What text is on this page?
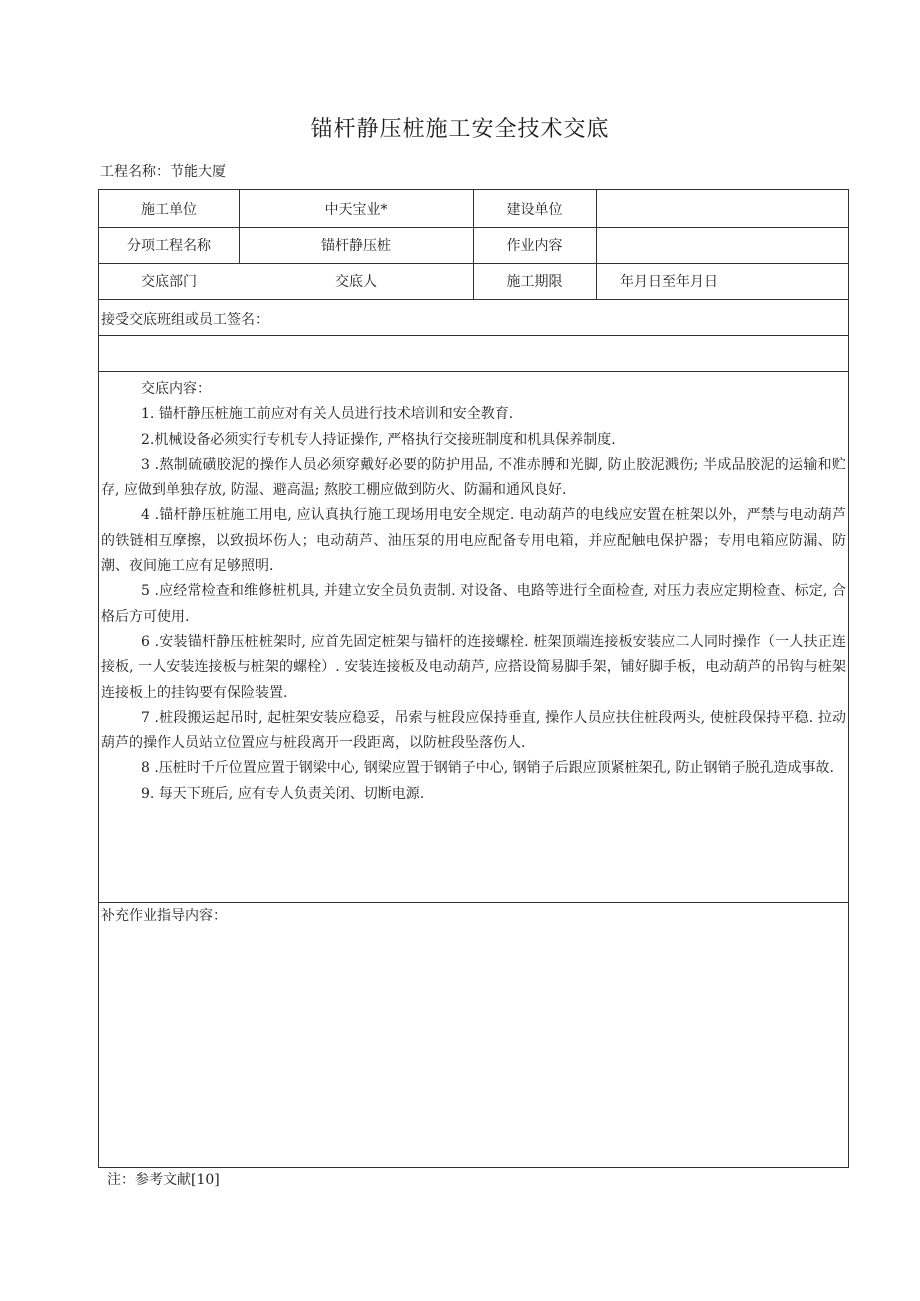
锚杆静压桩施工安全技术交底
工程名称：节能大厦
施工单位	中天宝业*	建设单位
分项工程名称	锚杆静压桩	作业内容
交底部门	交底人	施工期限	年月日至年月日
接受交底班组或员工签名：

交底内容：

1. 锚杆静压桩施工前应对有关人员进行技术培训和安全教育.

2.机械设备必须实行专机专人持证操作, 严格执行交接班制度和机具保养制度.

3 .熬制硫磺胶泥的操作人员必须穿戴好必要的防护用品, 不准赤膊和光脚, 防止胶泥溅伤; 半成品胶泥的运输和贮存, 应做到单独存放, 防湿、避高温; 熬胶工棚应做到防火、防漏和通风良好.

4 .锚杆静压桩施工用电, 应认真执行施工现场用电安全规定. 电动葫芦的电线应安置在桩架以外，严禁与电动葫芦的铁链相互摩擦，以致损坏伤人；电动葫芦、油压泵的用电应配备专用电箱，并应配触电保护器；专用电箱应防漏、防潮、夜间施工应有足够照明.

5 .应经常检查和维修桩机具, 并建立安全员负责制. 对设备、电路等进行全面检查, 对压力表应定期检查、标定, 合格后方可使用.

6 .安装锚杆静压桩桩架时, 应首先固定桩架与锚杆的连接螺栓. 桩架顶端连接板安装应二人同时操作（一人扶正连接板, 一人安装连接板与桩架的螺栓）. 安装连接板及电动葫芦, 应搭设简易脚手架，铺好脚手板，电动葫芦的吊钩与桩架连接板上的挂钩要有保险装置.

7 .桩段搬运起吊时, 起桩架安装应稳妥，吊索与桩段应保持垂直, 操作人员应扶住桩段两头, 使桩段保持平稳. 拉动葫芦的操作人员站立位置应与桩段离开一段距离，以防桩段坠落伤人.

8 .压桩时千斤位置应置于钢梁中心, 钢梁应置于钢销子中心, 钢销子后跟应顶紧桩架孔, 防止钢销子脱孔造成事故.

9. 每天下班后, 应有专人负责关闭、切断电源.

补充作业指导内容：
注：参考文献[10]
